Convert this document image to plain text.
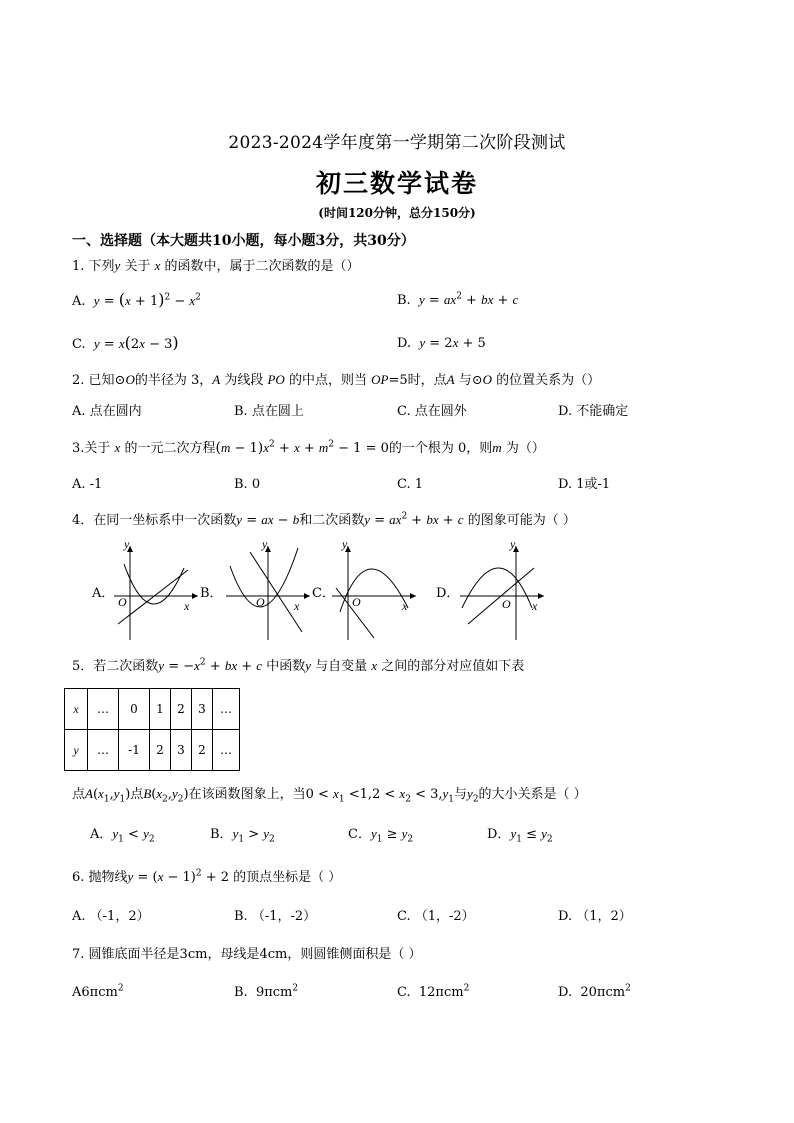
2023-2024学年度第一学期第二次阶段测试
初三数学试卷
(时间120分钟，总分150分)
一、选择题（本大题共10小题，每小题3分，共30分）
1. 下列y 关于 x 的函数中，属于二次函数的是（）
A. $y = (x + 1)^2 - x^2$	B. $y = ax^2$ + bx + c
C. y = x(2x − 3)	D. y = 2x + 5
2. 已知⊙O的半径为 3，A 为线段 PO 的中点，则当 OP=5时，点A 与⊙O 的位置关系为（）
A. 点在圆内	B. 点在圆上	C. 点在圆外	D. 不能确定
3.关于 x 的一元二次方程$(m - 1)x^2 + x + m^2 - 1 = 0$的一个根为 0，则m 为（）
A. -1	B. 0	C. 1	D. 1或-1
4．在同一坐标系中一次函数y = ax − b和二次函数$y = ax^2$ + bx + c 的图象可能为（ ）
A．	B．	C．	D．
y
x
O
y
x
O
y
x
O
y
x
O
5．若二次函数$y = -x^2$ + bx + c 中函数y 与自变量 x 之间的部分对应值如下表
x	…	0	1	2	3	…
y	…	-1	2	3	2	…
点$A(x_1,y_1)$点$B(x_2,y_2)$在该函数图象上，当$0 < x_1 <1,2 < x_2 < 3,y_1$与$y_2$的大小关系是（ ）
A．$y_1 < y_2$	B．$y_1 > y_2$	C．$y_1 \ge y_2$	D．$y_1 \le y_2$
6. 抛物线$y = (x - 1)^2 + 2$ 的顶点坐标是（ ）
A. （-1，2）	B. （-1，-2）	C. （1，-2）	D. （1，2）
7. 圆锥底面半径是3cm，母线是4cm，则圆锥侧面积是（ ）
A6πcm$^2$	B. 9πcm$^2$	C. 12πcm$^2$	D. 20πcm$^2$
